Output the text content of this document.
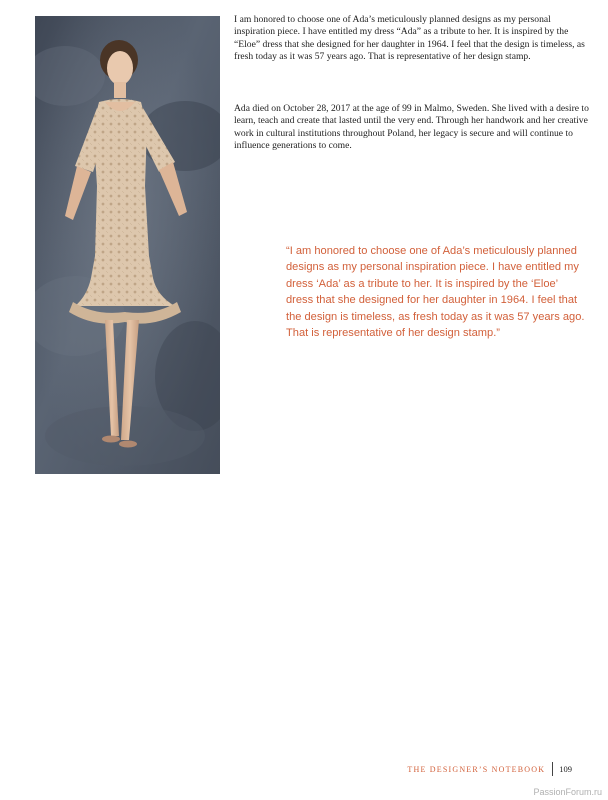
I am honored to choose one of Ada’s meticulously planned designs as my personal inspiration piece. I have entitled my dress “Ada” as a tribute to her. It is inspired by the “Eloe” dress that she designed for her daughter in 1964. I feel that the design is timeless, as fresh today as it was 57 years ago. That is representative of her design stamp.

Ada died on October 28, 2017 at the age of 99 in Malmo, Sweden. She lived with a desire to learn, teach and create that lasted until the very end. Through her handwork and her creative work in cultural institutions throughout Poland, her legacy is secure and will continue to influence generations to come.

“I am honored to choose one of Ada’s meticulously planned designs as my personal inspiration piece. I have entitled my dress ‘Ada’ as a tribute to her. It is inspired by the ‘Eloe’ dress that she designed for her daughter in 1964. I feel that the design is timeless, as fresh today as it was 57 years ago. That is representative of her design stamp.”

THE DESIGNER’S NOTEBOOK 109
PassionForum.ru
